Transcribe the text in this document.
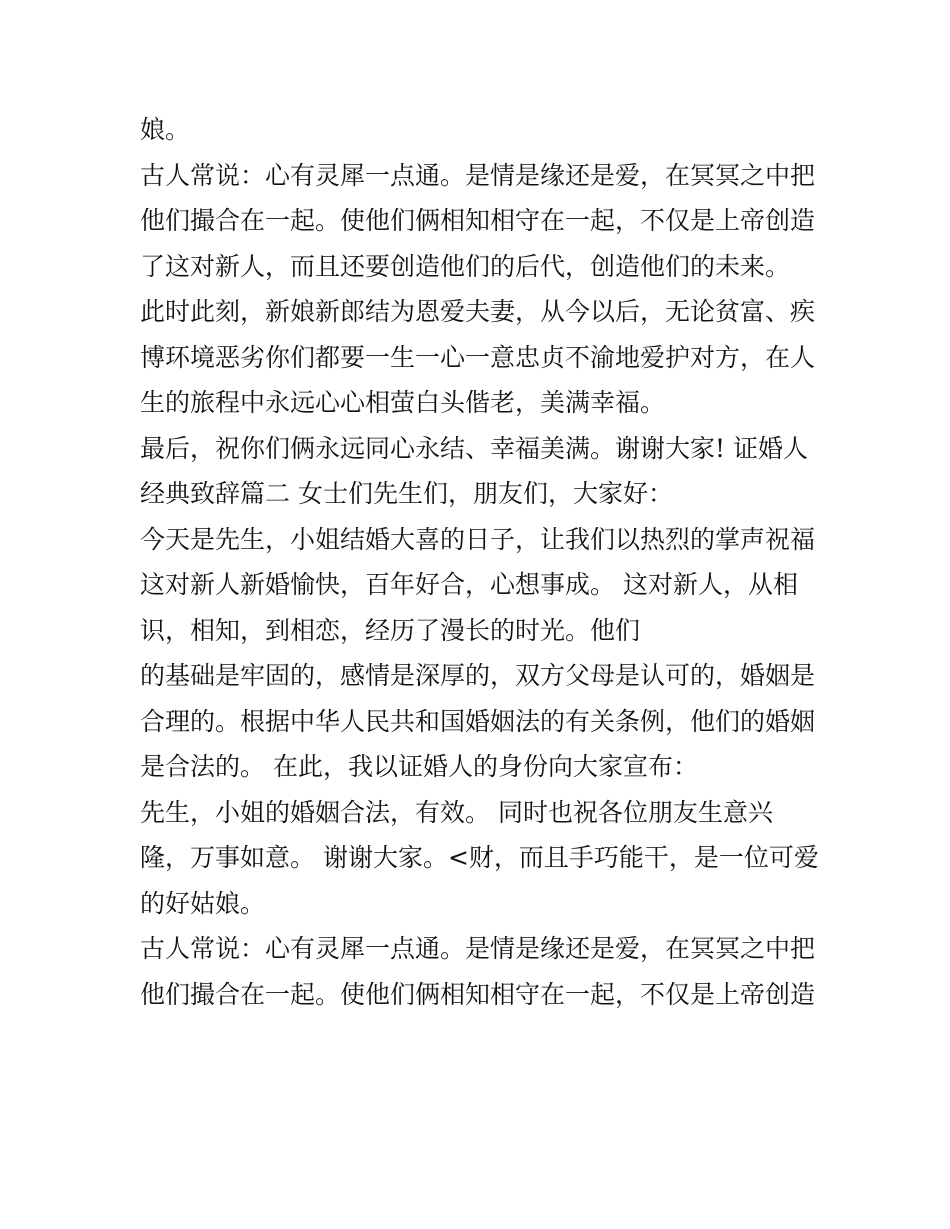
娘。
古人常说：心有灵犀一点通。是情是缘还是爱，在冥冥之中把
他们撮合在一起。使他们俩相知相守在一起，不仅是上帝创造
了这对新人，而且还要创造他们的后代，创造他们的未来。
此时此刻，新娘新郎结为恩爱夫妻，从今以后，无论贫富、疾
博环境恶劣你们都要一生一心一意忠贞不渝地爱护对方，在人
生的旅程中永远心心相萤白头偕老，美满幸福。
最后，祝你们俩永远同心永结、幸福美满。谢谢大家! 证婚人
经典致辞篇二 女士们先生们，朋友们，大家好：
今天是先生，小姐结婚大喜的日子，让我们以热烈的掌声祝福
这对新人新婚愉快，百年好合，心想事成。 这对新人，从相
识，相知，到相恋，经历了漫长的时光。他们
的基础是牢固的，感情是深厚的，双方父母是认可的，婚姻是
合理的。根据中华人民共和国婚姻法的有关条例，他们的婚姻
是合法的。 在此，我以证婚人的身份向大家宣布：
先生，小姐的婚姻合法，有效。 同时也祝各位朋友生意兴
隆，万事如意。 谢谢大家。<财，而且手巧能干，是一位可爱
的好姑娘。
古人常说：心有灵犀一点通。是情是缘还是爱，在冥冥之中把
他们撮合在一起。使他们俩相知相守在一起，不仅是上帝创造
